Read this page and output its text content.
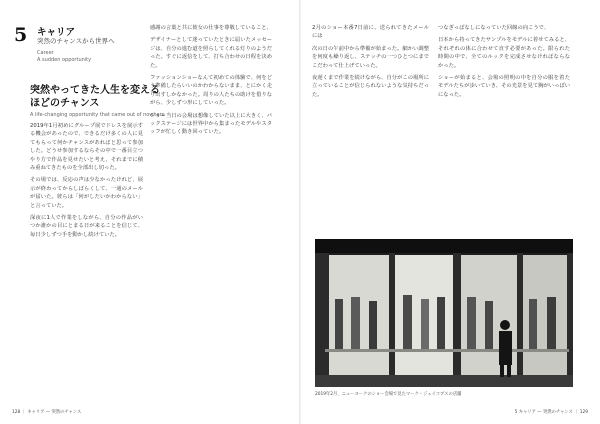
5 キャリア
突然のチャンスから世界へ
Career
A sudden opportunity
突然やってきた人生を変えるほどのチャンス
A life-changing opportunity that came out of nowhere

2019年1月初めにグループ展でドレスを展示する機会があったので、できるだけ多くの人に見てもらって何かチャンスがあればと思って参加した。どうせ参加するならその中で一番目立つやり方で作品を見せたいと考え、それまでに積み重ねてきたものを全部出し切った。

その場では、反応の声は少なかったけれど、展示が終わってからしばらくして、一通のメールが届いた。彼らは「何がしたいかわからない」と言っていた。

深夜に1人で作業をしながら、自分の作品がいつか誰かの目にとまる日が来ることを信じて、毎日少しずつ手を動かし続けていた。

感謝の言葉と共に彼女の仕事を尊敬していること、

デザイナーとして迷っていたときに届いたメッセージは、自分の進む道を照らしてくれる灯りのようだった。すぐに返信をして、打ち合わせの日程を決めた。

ファッションショーなんて初めての体験で、何をどう準備したらいいのかわからないまま、とにかく走り出すしかなかった。周りの人たちの助けを借りながら、少しずつ形にしていった。

ショー当日の会場は想像していた以上に大きく、バックステージには世界中から集まったモデルやスタッフが忙しく動き回っていた。

2月のショー本番7日前に、送られてきたメールには

次の日の午前中から準備が始まった。細かい調整を何度も繰り返し、ステッチの一つひとつにまでこだわって仕上げていった。

夜遅くまで作業を続けながら、自分がこの場所に立っていることが信じられないような気持ちだった。

つなぎっぱなしになっていた回線の向こうで、

日本から持ってきたサンプルをモデルに着せてみると、それぞれの体に合わせて直す必要があった。限られた時間の中で、全てのルックを完成させなければならなかった。

ショーが始まると、会場の照明の中を自分の服を着たモデルたちが歩いていき、その光景を見て胸がいっぱいになった。

2019年2月、ニューヨークのショー会場で見たマーク・ジェイコブスの店舗
128 ｜ キャリア — 突然のチャンス	5 キャリア — 突然のチャンス ｜ 129
